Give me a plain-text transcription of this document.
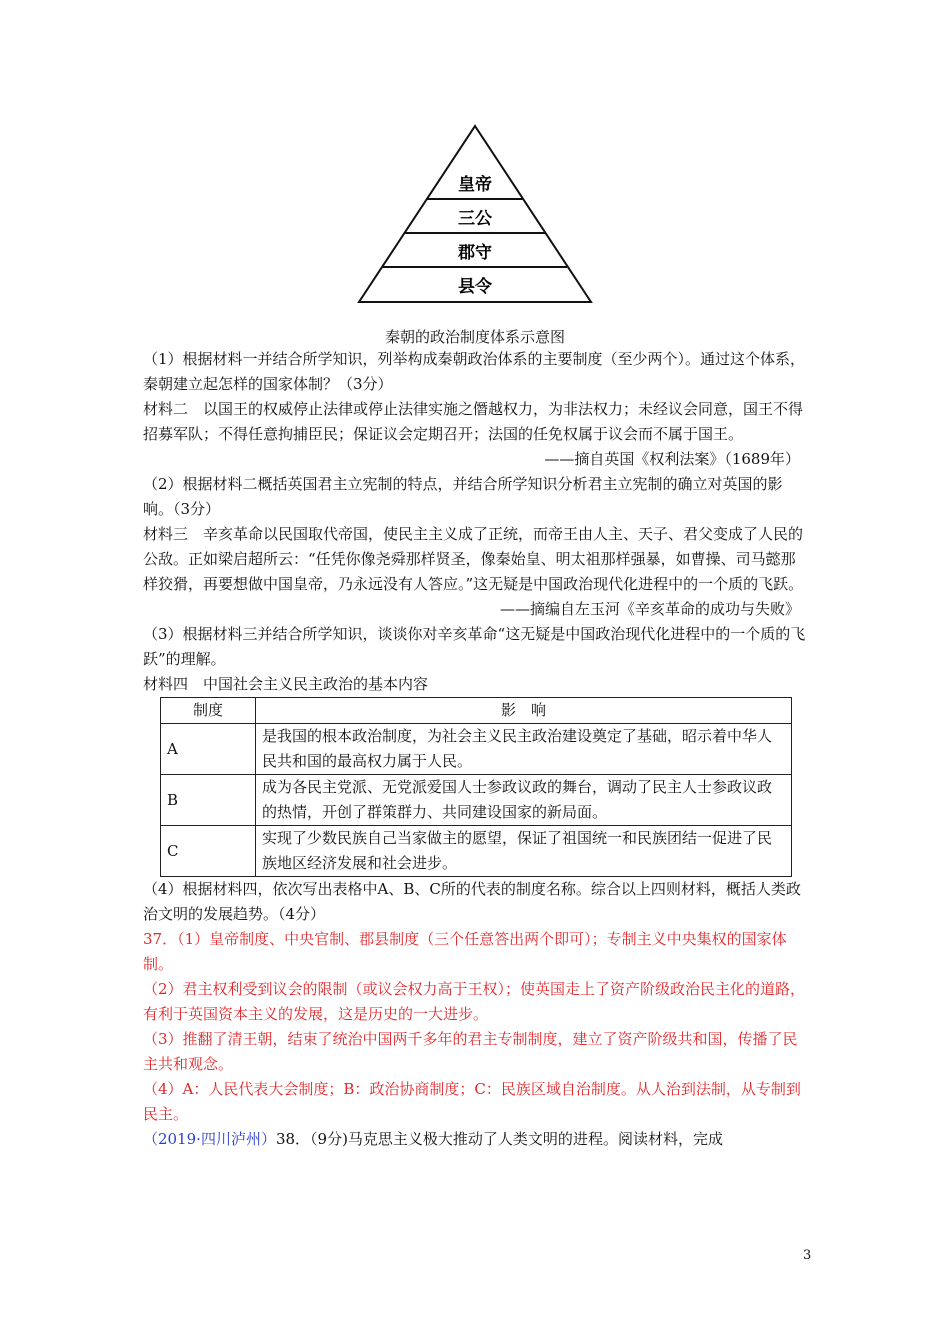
皇帝
三公
郡守
县令
秦朝的政治制度体系示意图

（1）根据材料一并结合所学知识，列举构成秦朝政治体系的主要制度（至少两个）。通过这个体系，秦朝建立起怎样的国家体制？（3分）

材料二　以国王的权威停止法律或停止法律实施之僭越权力，为非法权力；未经议会同意，国王不得招募军队；不得任意拘捕臣民；保证议会定期召开；法国的任免权属于议会而不属于国王。

——摘自英国《权利法案》（1689年）

（2）根据材料二概括英国君主立宪制的特点，并结合所学知识分析君主立宪制的确立对英国的影响。（3分）

材料三　辛亥革命以民国取代帝国，使民主主义成了正统，而帝王由人主、天子、君父变成了人民的公敌。正如梁启超所云：“任凭你像尧舜那样贤圣，像秦始皇、明太祖那样强暴，如曹操、司马懿那样狡猾，再要想做中国皇帝，乃永远没有人答应。”这无疑是中国政治现代化进程中的一个质的飞跃。

——摘编自左玉河《辛亥革命的成功与失败》

（3）根据材料三并结合所学知识，谈谈你对辛亥革命“这无疑是中国政治现代化进程中的一个质的飞跃”的理解。

材料四　中国社会主义民主政治的基本内容

制度	影　响
A	是我国的根本政治制度，为社会主义民主政治建设奠定了基础，昭示着中华人民共和国的最高权力属于人民。
B	成为各民主党派、无党派爱国人士参政议政的舞台，调动了民主人士参政议政的热情，开创了群策群力、共同建设国家的新局面。
C	实现了少数民族自己当家做主的愿望，保证了祖国统一和民族团结一促进了民族地区经济发展和社会进步。

（4）根据材料四，依次写出表格中A、B、C所的代表的制度名称。综合以上四则材料，概括人类政治文明的发展趋势。（4分）

37．（1）皇帝制度、中央官制、郡县制度（三个任意答出两个即可）；专制主义中央集权的国家体制。

（2）君主权利受到议会的限制（或议会权力高于王权）；使英国走上了资产阶级政治民主化的道路，有利于英国资本主义的发展，这是历史的一大进步。

（3）推翻了清王朝，结束了统治中国两千多年的君主专制制度，建立了资产阶级共和国，传播了民主共和观念。

（4）A：人民代表大会制度；B：政治协商制度；C：民族区域自治制度。从人治到法制，从专制到民主。

（2019·四川泸州）38．（9分)马克思主义极大推动了人类文明的进程。阅读材料，完成

3
